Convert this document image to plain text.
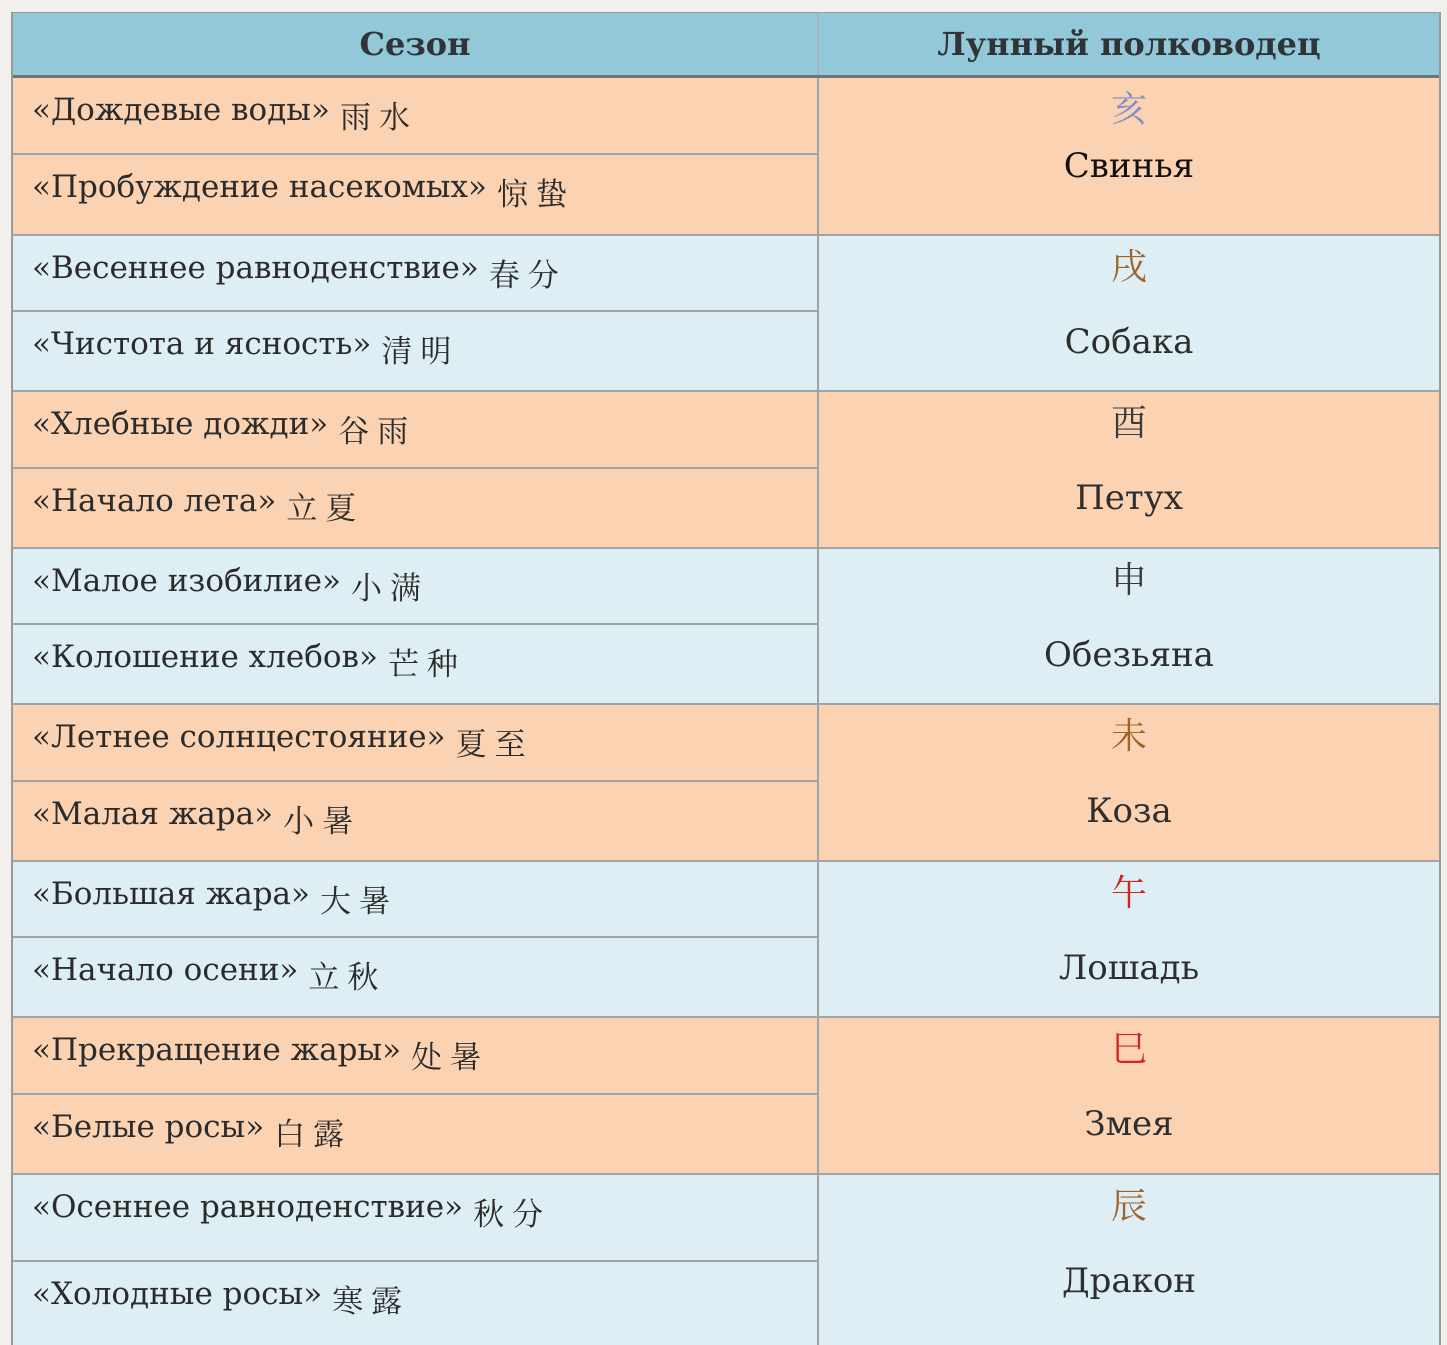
Сезон	Лунный полководец
«Дождевые воды» 雨水
«Пробуждение насекомых» 惊蛰
亥
Свинья
«Весеннее равноденствие» 春分
«Чистота и ясность» 清明
戌
Собака
«Хлебные дожди» 谷雨
«Начало лета» 立夏
酉
Петух
«Малое изобилие» 小满
«Колошение хлебов» 芒种
申
Обезьяна
«Летнее солнцестояние» 夏至
«Малая жара» 小暑
未
Коза
«Большая жара» 大暑
«Начало осени» 立秋
午
Лошадь
«Прекращение жары» 处暑
«Белые росы» 白露
巳
Змея
«Осеннее равноденствие» 秋分
«Холодные росы» 寒露
辰
Дракон
